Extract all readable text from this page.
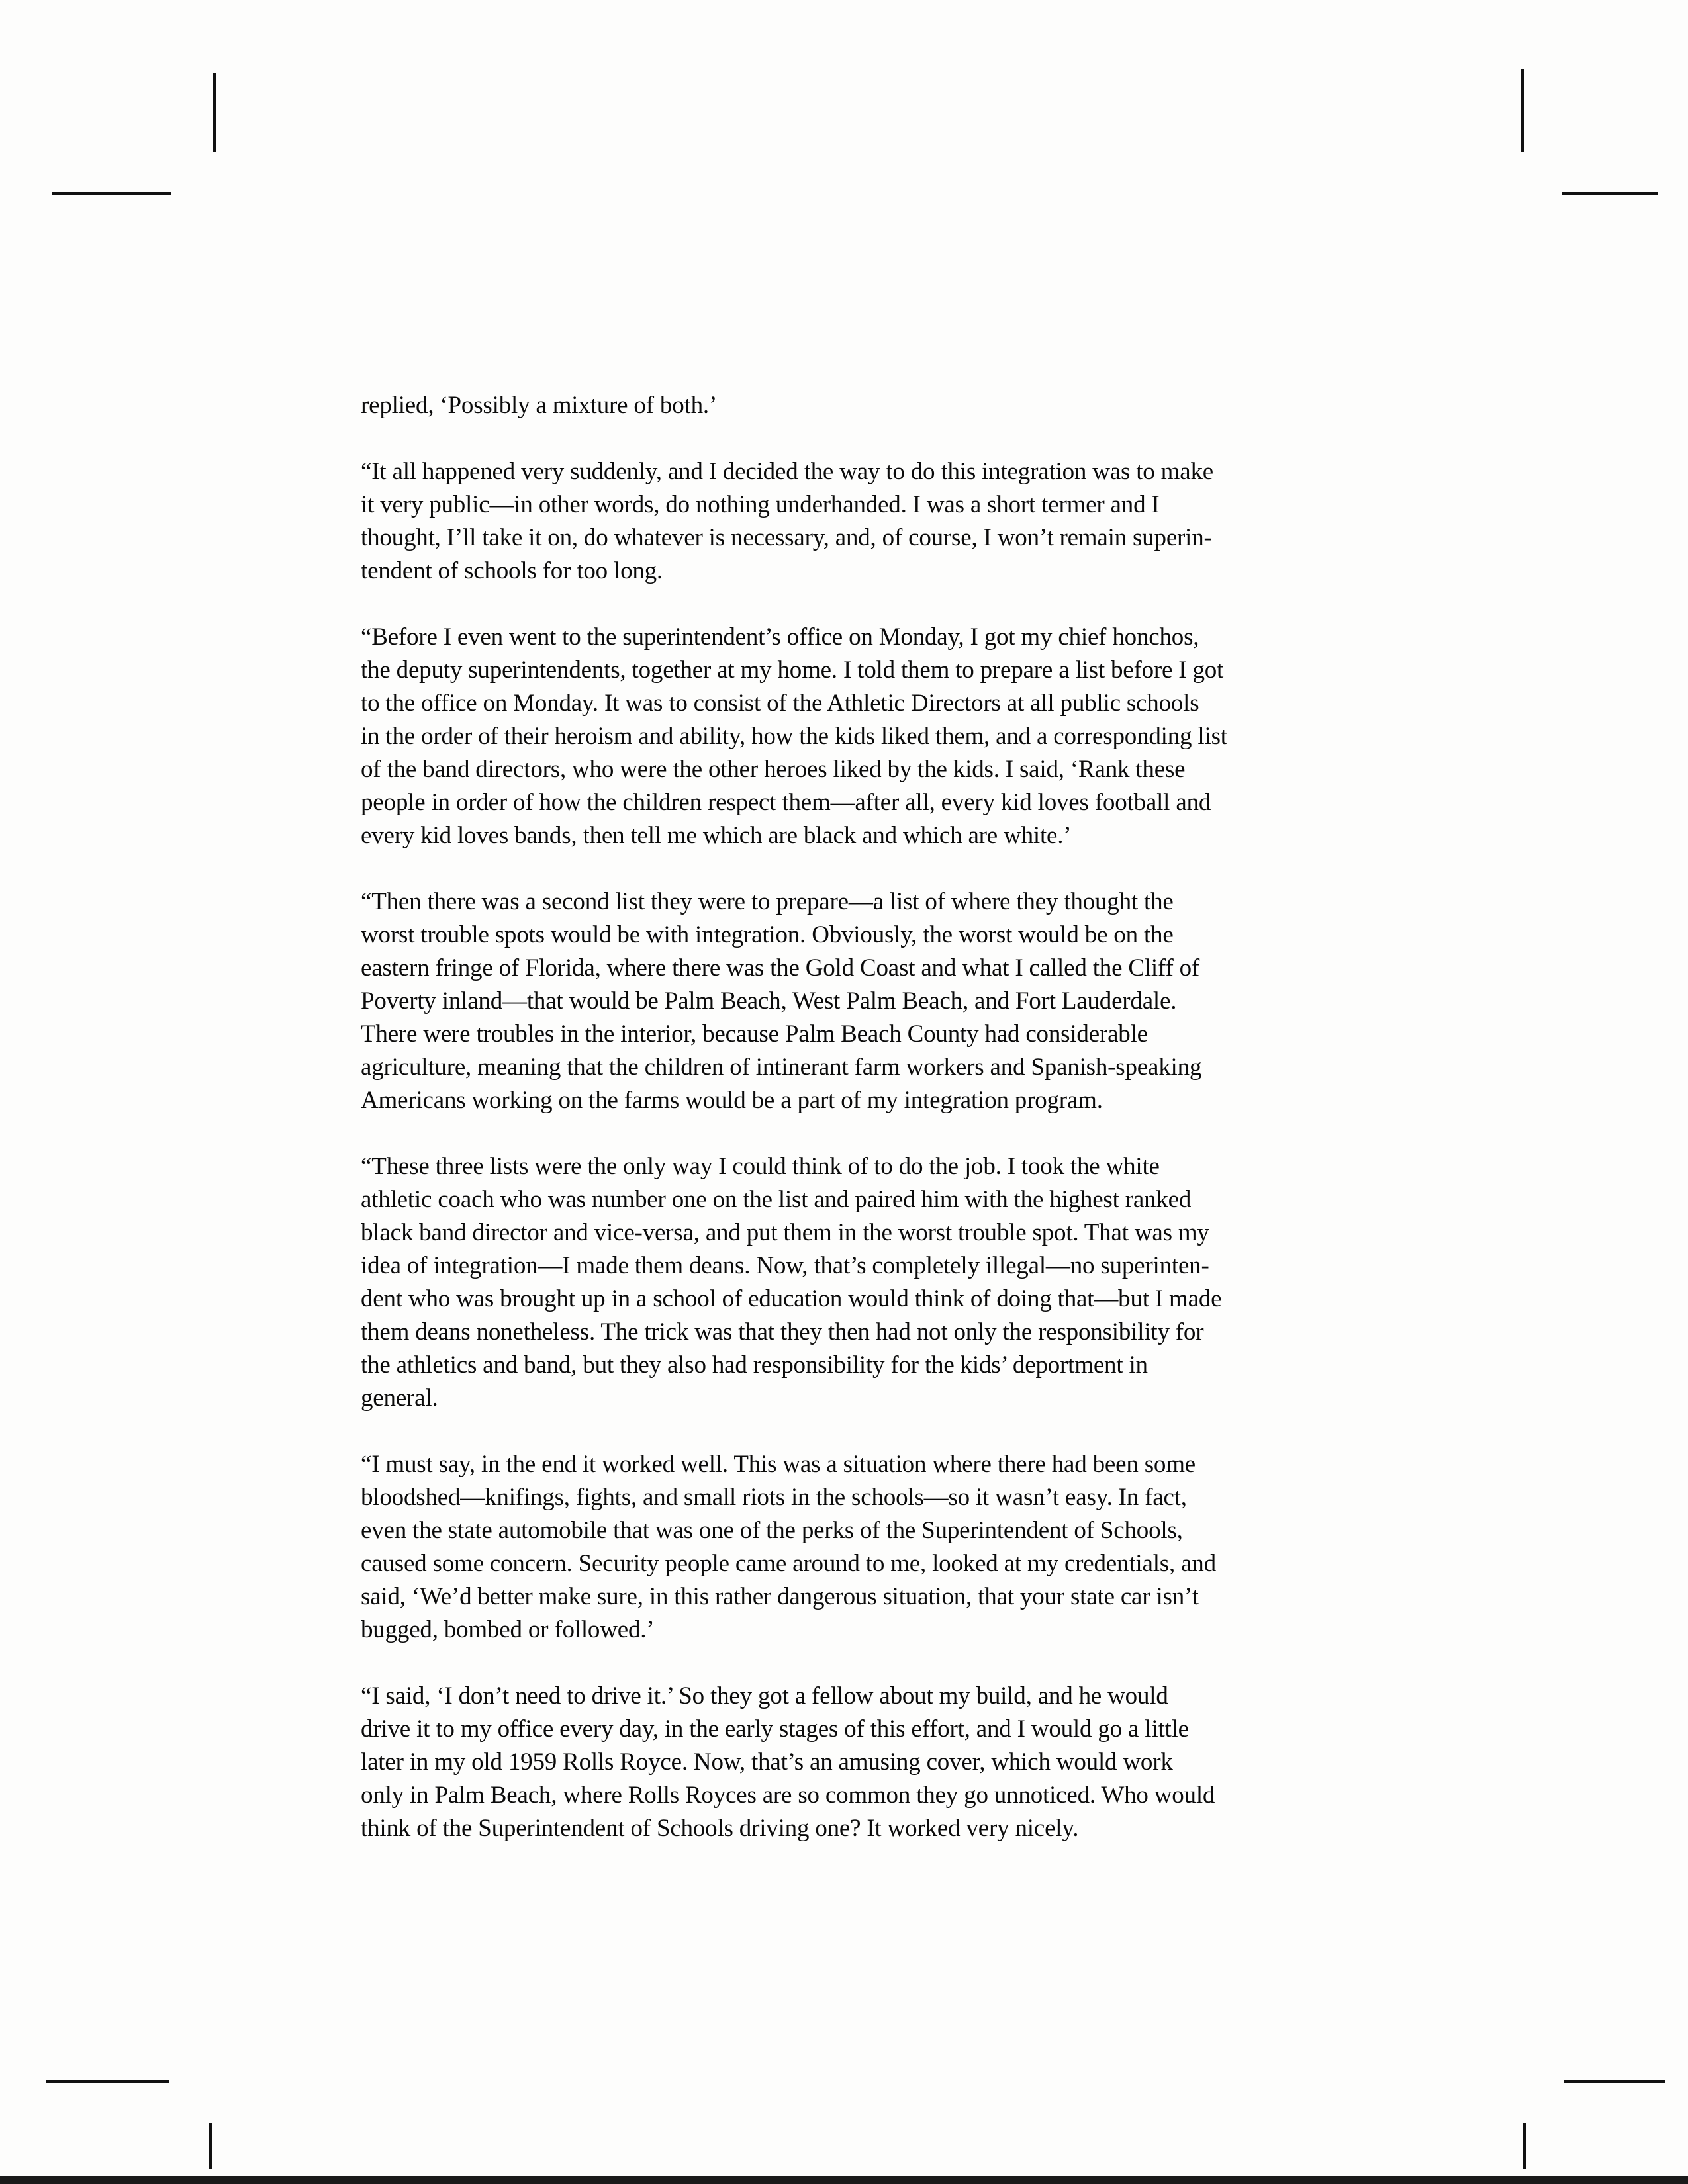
replied, ‘Possibly a mixture of both.’

“It all happened very suddenly, and I decided the way to do this integration was to make
it very public—in other words, do nothing underhanded. I was a short termer and I
thought, I’ll take it on, do whatever is necessary, and, of course, I won’t remain superin-
tendent of schools for too long.

“Before I even went to the superintendent’s office on Monday, I got my chief honchos,
the deputy superintendents, together at my home. I told them to prepare a list before I got
to the office on Monday. It was to consist of the Athletic Directors at all public schools
in the order of their heroism and ability, how the kids liked them, and a corresponding list
of the band directors, who were the other heroes liked by the kids. I said, ‘Rank these
people in order of how the children respect them—after all, every kid loves football and
every kid loves bands, then tell me which are black and which are white.’

“Then there was a second list they were to prepare—a list of where they thought the
worst trouble spots would be with integration. Obviously, the worst would be on the
eastern fringe of Florida, where there was the Gold Coast and what I called the Cliff of
Poverty inland—that would be Palm Beach, West Palm Beach, and Fort Lauderdale.
There were troubles in the interior, because Palm Beach County had considerable
agriculture, meaning that the children of intinerant farm workers and Spanish-speaking
Americans working on the farms would be a part of my integration program.

“These three lists were the only way I could think of to do the job. I took the white
athletic coach who was number one on the list and paired him with the highest ranked
black band director and vice-versa, and put them in the worst trouble spot. That was my
idea of integration—I made them deans. Now, that’s completely illegal—no superinten-
dent who was brought up in a school of education would think of doing that—but I made
them deans nonetheless. The trick was that they then had not only the responsibility for
the athletics and band, but they also had responsibility for the kids’ deportment in
general.

“I must say, in the end it worked well. This was a situation where there had been some
bloodshed—knifings, fights, and small riots in the schools—so it wasn’t easy. In fact,
even the state automobile that was one of the perks of the Superintendent of Schools,
caused some concern. Security people came around to me, looked at my credentials, and
said, ‘We’d better make sure, in this rather dangerous situation, that your state car isn’t
bugged, bombed or followed.’

“I said, ‘I don’t need to drive it.’ So they got a fellow about my build, and he would
drive it to my office every day, in the early stages of this effort, and I would go a little
later in my old 1959 Rolls Royce. Now, that’s an amusing cover, which would work
only in Palm Beach, where Rolls Royces are so common they go unnoticed. Who would
think of the Superintendent of Schools driving one? It worked very nicely.
